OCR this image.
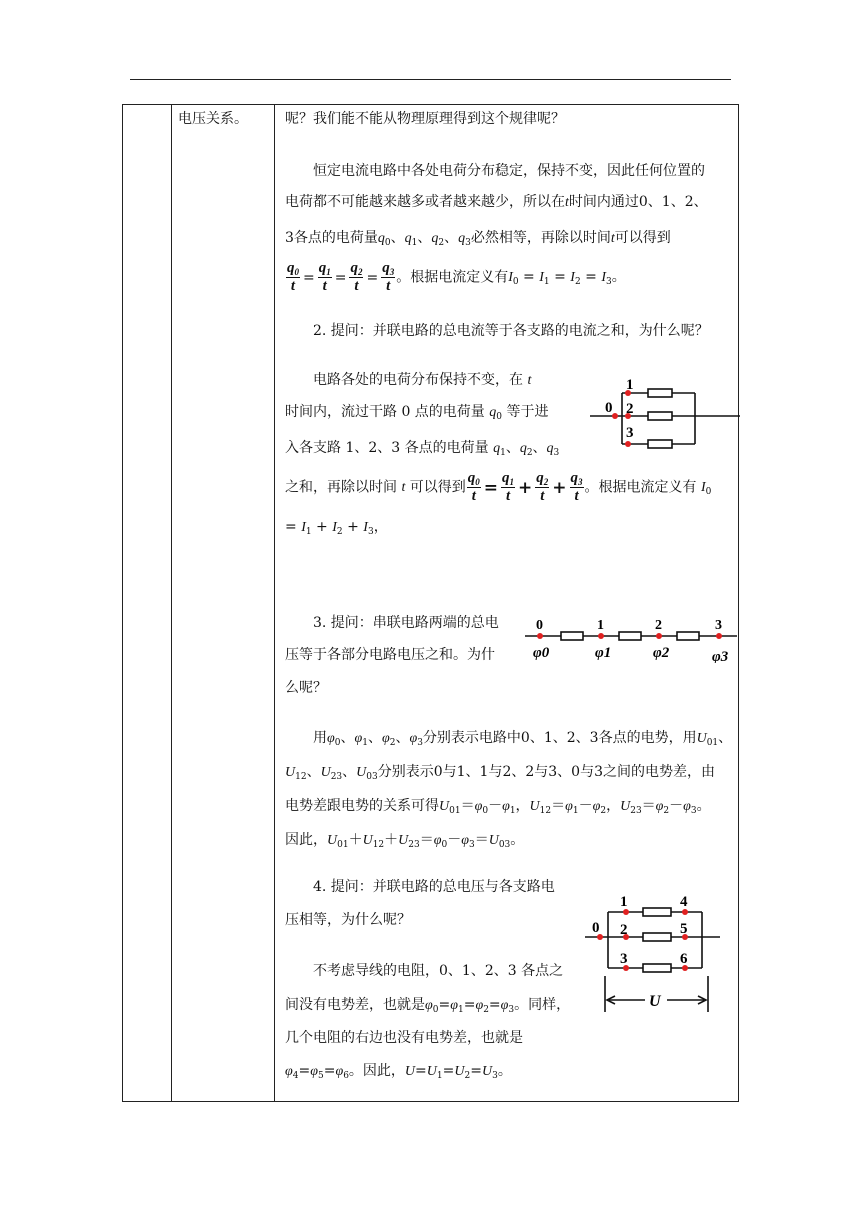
电压关系。	呢？我们能不能从物理原理得到这个规律呢？
恒定电流电路中各处电荷分布稳定，保持不变，因此任何位置的
电荷都不可能越来越多或者越来越少，所以在t时间内通过0、1、2、
3各点的电荷量$q_0$、$q_1$、$q_2$、$q_3$必然相等，再除以时间t可以得到
$\frac{q_0}{t} = \frac{q_1}{t} = \frac{q_2}{t} = \frac{q_3}{t}$ 。根据电流定义有$I_0 = I_1 = I_2 = I_3$。
2. 提问：并联电路的总电流等于各支路的电流之和，为什么呢？
电路各处的电荷分布保持不变，在 t
时间内，流过干路 0 点的电荷量 $q_0$ 等于进
入各支路 1、2、3 各点的电荷量 $q_1$、$q_2$、$q_3$
之和，再除以时间 t 可以得到 $\frac{q_0}{t} = \frac{q_1}{t} + \frac{q_2}{t} + \frac{q_3}{t}$ 。根据电流定义有 $I_0$
= $I_1 + I_2 + I_3$，
0
1
2
3
3. 提问：串联电路两端的总电
压等于各部分电路电压之和。为什
么呢？
0	1	2	3
φ0	φ1	φ2	φ3
用$\varphi_0$、$\varphi_1$、$\varphi_2$、$\varphi_3$分别表示电路中0、1、2、3各点的电势，用$U_{01}$、
$U_{12}$、$U_{23}$、$U_{03}$分别表示0与1、1与2、2与3、0与3之间的电势差，由
电势差跟电势的关系可得$U_{01}=\varphi_0-\varphi_1$，$U_{12}=\varphi_1-\varphi_2$，$U_{23}=\varphi_2-\varphi_3$。
因此，$U_{01}+U_{12}+U_{23}=\varphi_0-\varphi_3=U_{03}$。
4. 提问：并联电路的总电压与各支路电
压相等，为什么呢？
不考虑导线的电阻，0、1、2、3 各点之
间没有电势差，也就是$\varphi_0=\varphi_1=\varphi_2=\varphi_3$。同样，
几个电阻的右边也没有电势差，也就是
$\varphi_4=\varphi_5=\varphi_6$。因此，$U=U_1=U_2=U_3$。
0
1
2
3
4
5
6
U
